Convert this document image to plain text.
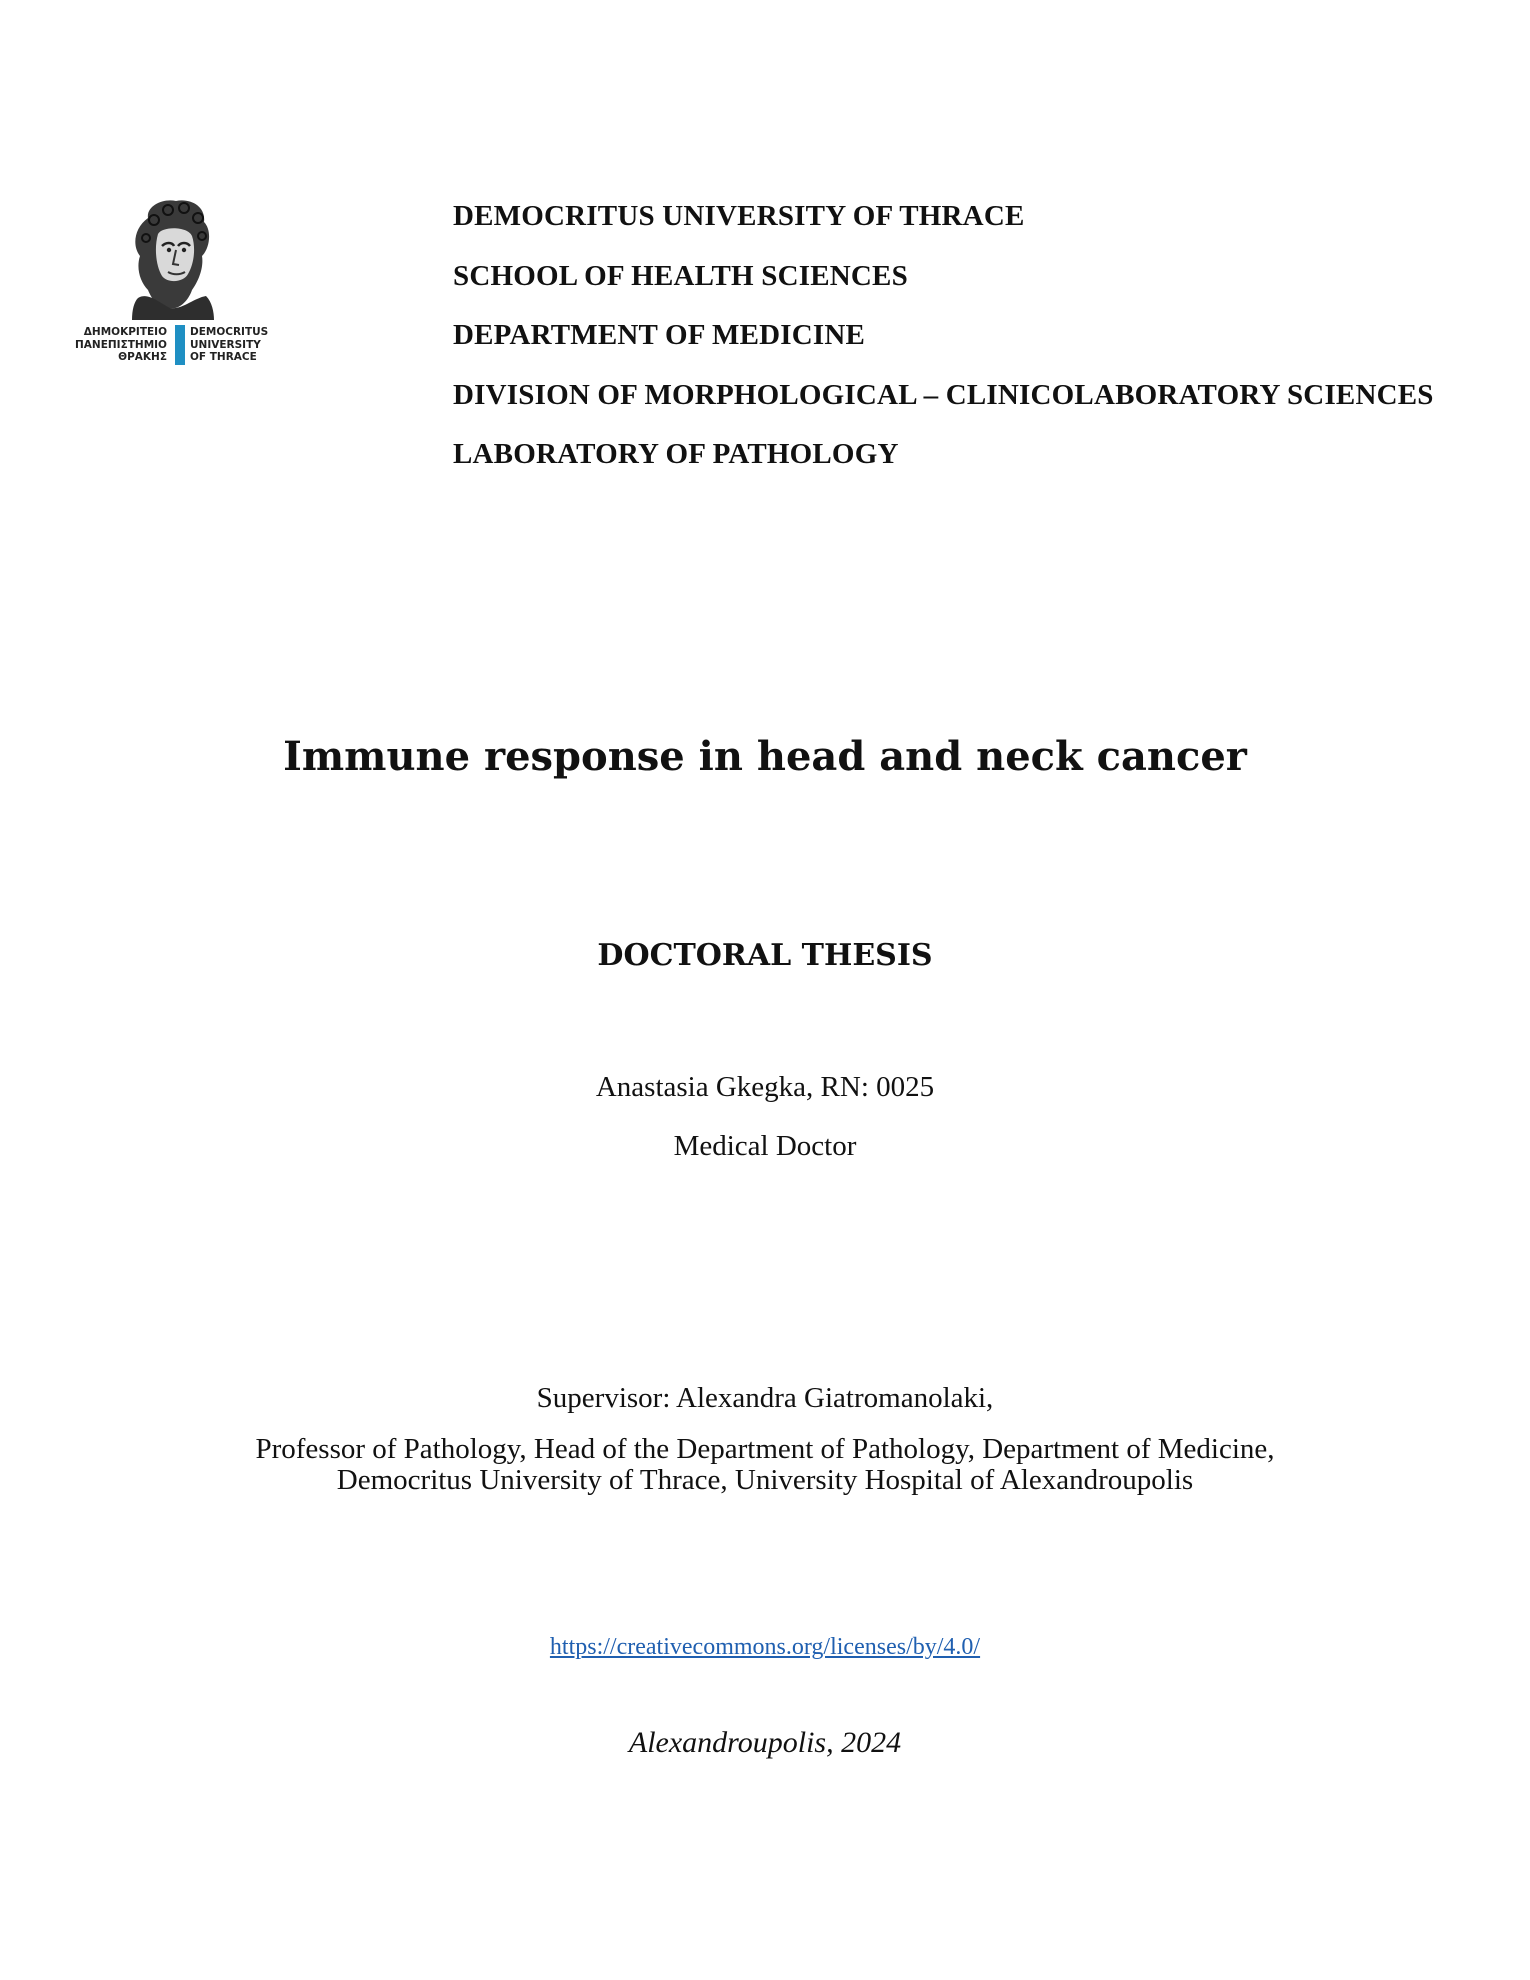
ΔΗΜΟΚΡΙΤΕΙΟ
ΠΑΝΕΠΙΣΤΗΜΙΟ
ΘΡΑΚΗΣ
DEMOCRITUS
UNIVERSITY
OF THRACE
DEMOCRITUS UNIVERSITY OF THRACE
SCHOOL OF HEALTH SCIENCES
DEPARTMENT OF MEDICINE
DIVISION OF MORPHOLOGICAL – CLINICOLABORATORY SCIENCES
LABORATORY OF PATHOLOGY
Immune response in head and neck cancer
DOCTORAL THESIS
Anastasia Gkegka, RN: 0025
Medical Doctor
Supervisor: Alexandra Giatromanolaki,
Professor of Pathology, Head of the Department of Pathology, Department of Medicine,
Democritus University of Thrace, University Hospital of Alexandroupolis
https://creativecommons.org/licenses/by/4.0/
Alexandroupolis, 2024
